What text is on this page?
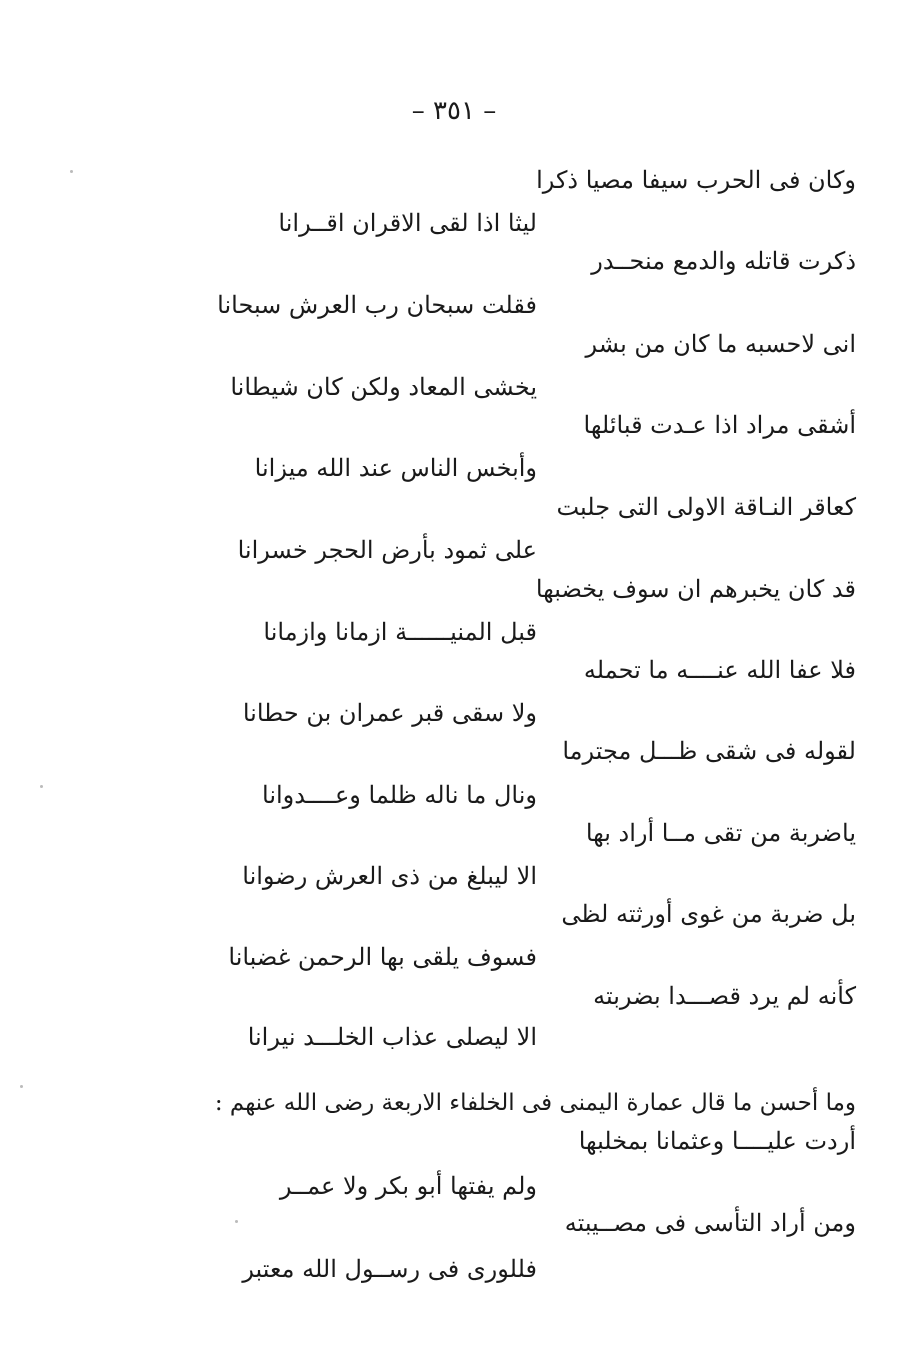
– ٣٥١ –
وكان فى الحرب سيفا مصيا ذكرا
ليثا اذا لقى الاقران اقــرانا
ذكرت قاتله والدمع منحــدر
فقلت سبحان رب العرش سبحانا
انى لاحسبه ما كان من بشر
يخشى المعاد ولكن كان شيطانا
أشقى مراد اذا عـدت قبائلها
وأبخس الناس عند الله ميزانا
كعاقر النـاقة الاولى التى جلبت
على ثمود بأرض الحجر خسرانا
قد كان يخبرهم ان سوف يخضبها
قبل المنيــــــة ازمانا وازمانا
فلا عفا الله عنــــه ما تحمله
ولا سقى قبر عمران بن حطانا
لقوله فى شقى ظـــل مجترما
ونال ما ناله ظلما وعــــدوانا
ياضربة من تقى مــا أراد بها
الا ليبلغ من ذى العرش رضوانا
بل ضربة من غوى أورثته لظى
فسوف يلقى بها الرحمن غضبانا
كأنه لم يرد قصـــدا بضربته
الا ليصلى عذاب الخلـــد نيرانا
وما أحسن ما قال عمارة اليمنى فى الخلفاء الاربعة رضى الله عنهم :
أردت عليــــا وعثمانا بمخلبها
ولم يفتها أبو بكر ولا عمــر
ومن أراد التأسى فى مصــيبته
فللورى فى رســول الله معتبر
